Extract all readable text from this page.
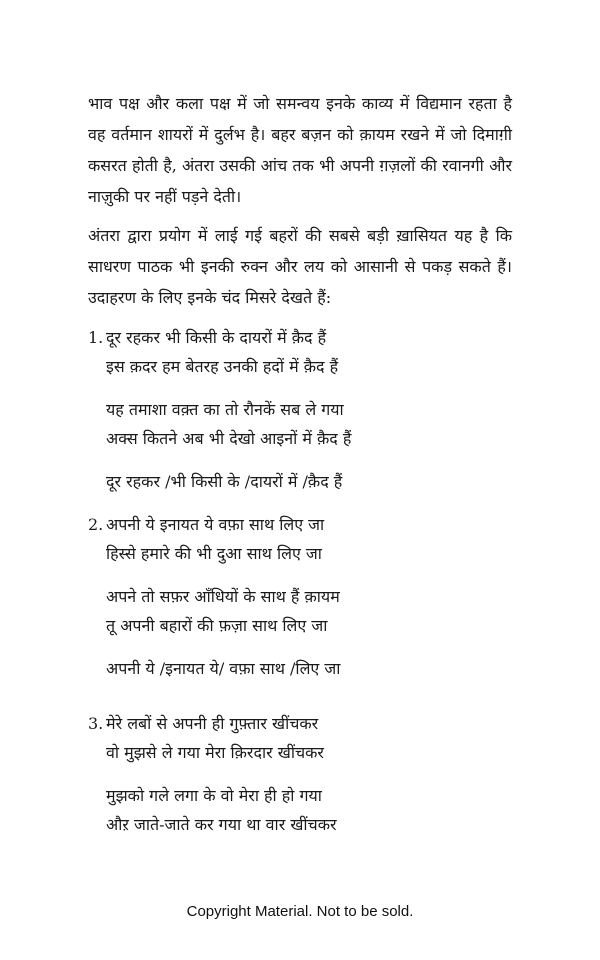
भाव पक्ष और कला पक्ष में जो समन्वय इनके काव्य में विद्यमान रहता है वह वर्तमान शायरों में दुर्लभ है। बहर बज़न को क़ायम रखने में जो दिमाग़ी कसरत होती है, अंतरा उसकी आंच तक भी अपनी ग़ज़लों की रवानगी और नाज़ुकी पर नहीं पड़ने देती।

अंतरा द्वारा प्रयोग में लाई गई बहरों की सबसे बड़ी ख़ासियत यह है कि साधरण पाठक भी इनकी रुक्न और लय को आसानी से पकड़ सकते हैं। उदाहरण के लिए इनके चंद मिसरे देखते हैं:

1. दूर रहकर भी किसी के दायरों में क़ैद हैं
इस क़दर हम बेतरह उनकी हदों में क़ैद हैं
यह तमाशा वक़्त का तो रौनकें सब ले गया
अक्स कितने अब भी देखो आइनों में क़ैद हैं
दूर रहकर /भी किसी के /दायरों में /क़ैद हैं
2. अपनी ये इनायत ये वफ़ा साथ लिए जा
हिस्से हमारे की भी दुआ साथ लिए जा
अपने तो सफ़र आँधियों के साथ हैं क़ायम
तू अपनी बहारों की फ़ज़ा साथ लिए जा
अपनी ये /इनायत ये/ वफ़ा साथ /लिए जा
3. मेरे लबों से अपनी ही गुफ़्तार खींचकर
वो मुझसे ले गया मेरा क़िरदार खींचकर
मुझको गले लगा के वो मेरा ही हो गया
औऱ जाते-जाते कर गया था वार खींचकर
Copyright Material. Not to be sold.
